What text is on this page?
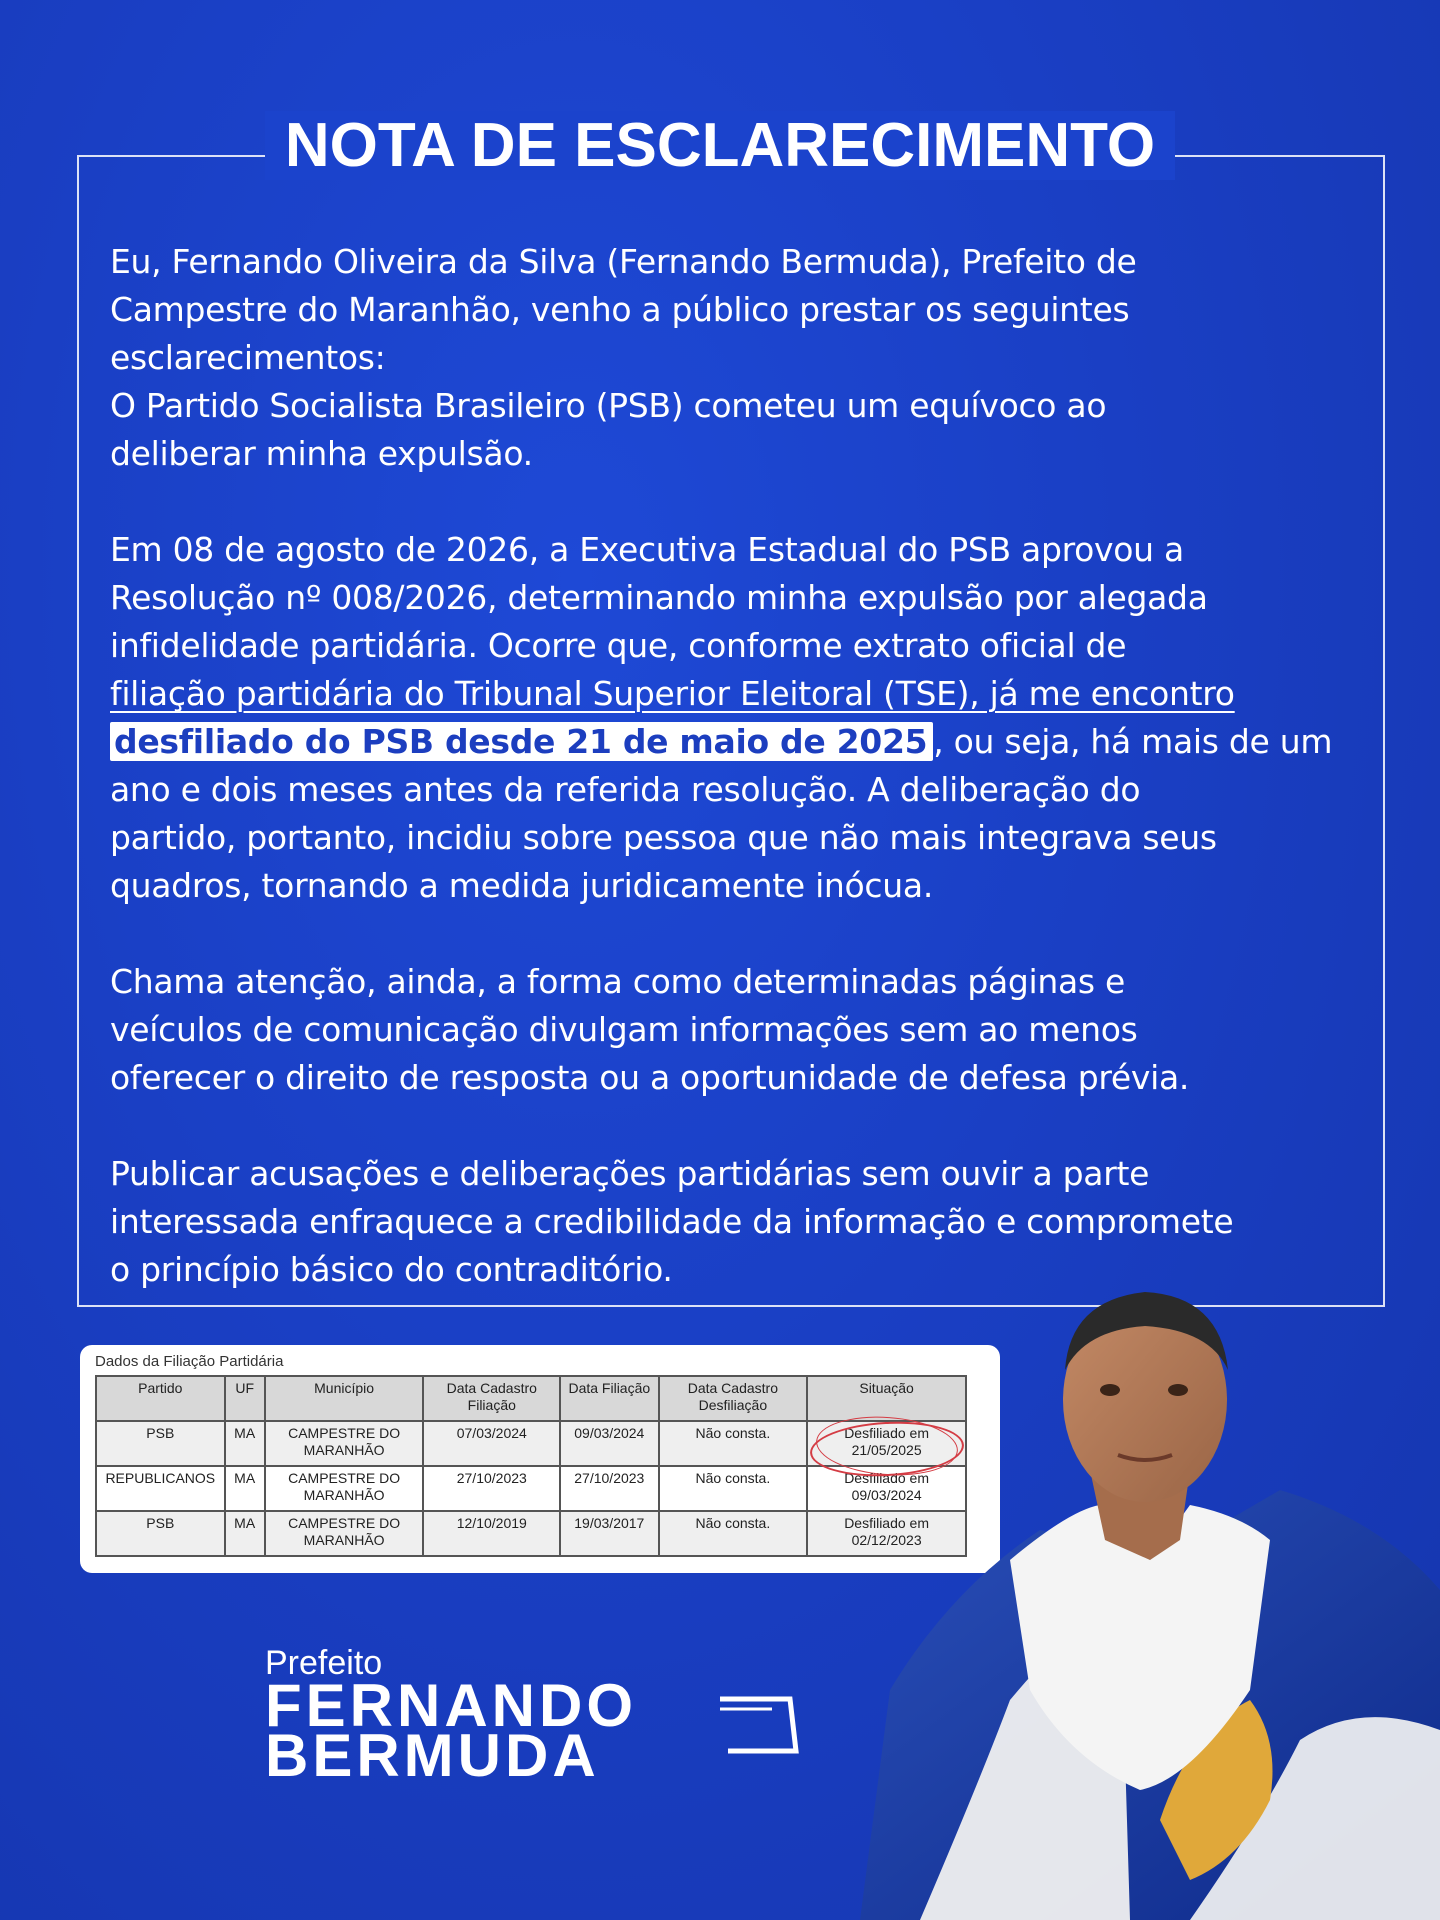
NOTA DE ESCLARECIMENTO

Eu, Fernando Oliveira da Silva (Fernando Bermuda), Prefeito de
Campestre do Maranhão, venho a público prestar os seguintes
esclarecimentos:
O Partido Socialista Brasileiro (PSB) cometeu um equívoco ao
deliberar minha expulsão.

Em 08 de agosto de 2026, a Executiva Estadual do PSB aprovou a
Resolução nº 008/2026, determinando minha expulsão por alegada
infidelidade partidária. Ocorre que, conforme extrato oficial de
filiação partidária do Tribunal Superior Eleitoral (TSE), já me encontro
desfiliado do PSB desde 21 de maio de 2025 , ou seja, há mais de um
ano e dois meses antes da referida resolução. A deliberação do
partido, portanto, incidiu sobre pessoa que não mais integrava seus
quadros, tornando a medida juridicamente inócua.

Chama atenção, ainda, a forma como determinadas páginas e
veículos de comunicação divulgam informações sem ao menos
oferecer o direito de resposta ou a oportunidade de defesa prévia.

Publicar acusações e deliberações partidárias sem ouvir a parte
interessada enfraquece a credibilidade da informação e compromete
o princípio básico do contraditório.

Dados da Filiação Partidária
Partido	UF	Município	Data Cadastro Filiação	Data Filiação	Data Cadastro Desfiliação	Situação
PSB	MA	CAMPESTRE DO MARANHÃO	07/03/2024	09/03/2024	Não consta.	Desfiliado em 21/05/2025
REPUBLICANOS	MA	CAMPESTRE DO MARANHÃO	27/10/2023	27/10/2023	Não consta.	Desfiliado em 09/03/2024
PSB	MA	CAMPESTRE DO MARANHÃO	12/10/2019	19/03/2017	Não consta.	Desfiliado em 02/12/2023
Prefeito
FERNANDO
BERMUDA
